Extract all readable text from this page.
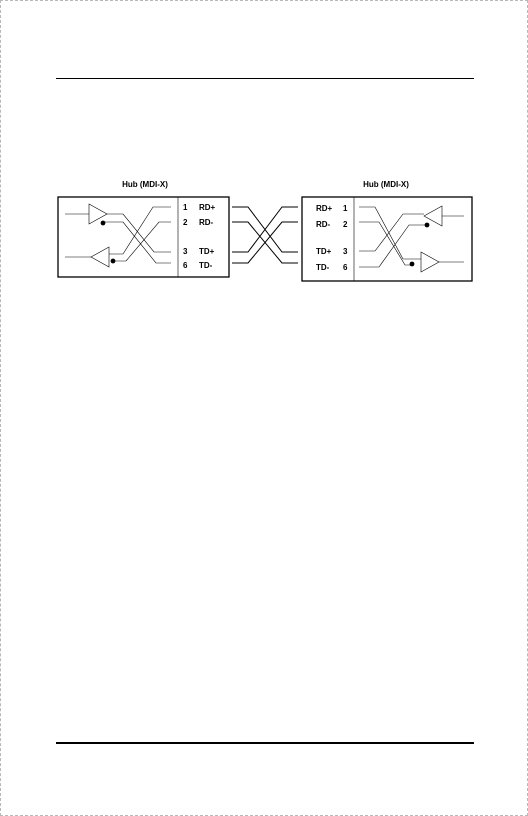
Hub (MDI-X)
1 RD+
2 RD-
3 TD+
6 TD-
Hub (MDI-X)
RD+ 1
RD- 2
TD+ 3
TD- 6
